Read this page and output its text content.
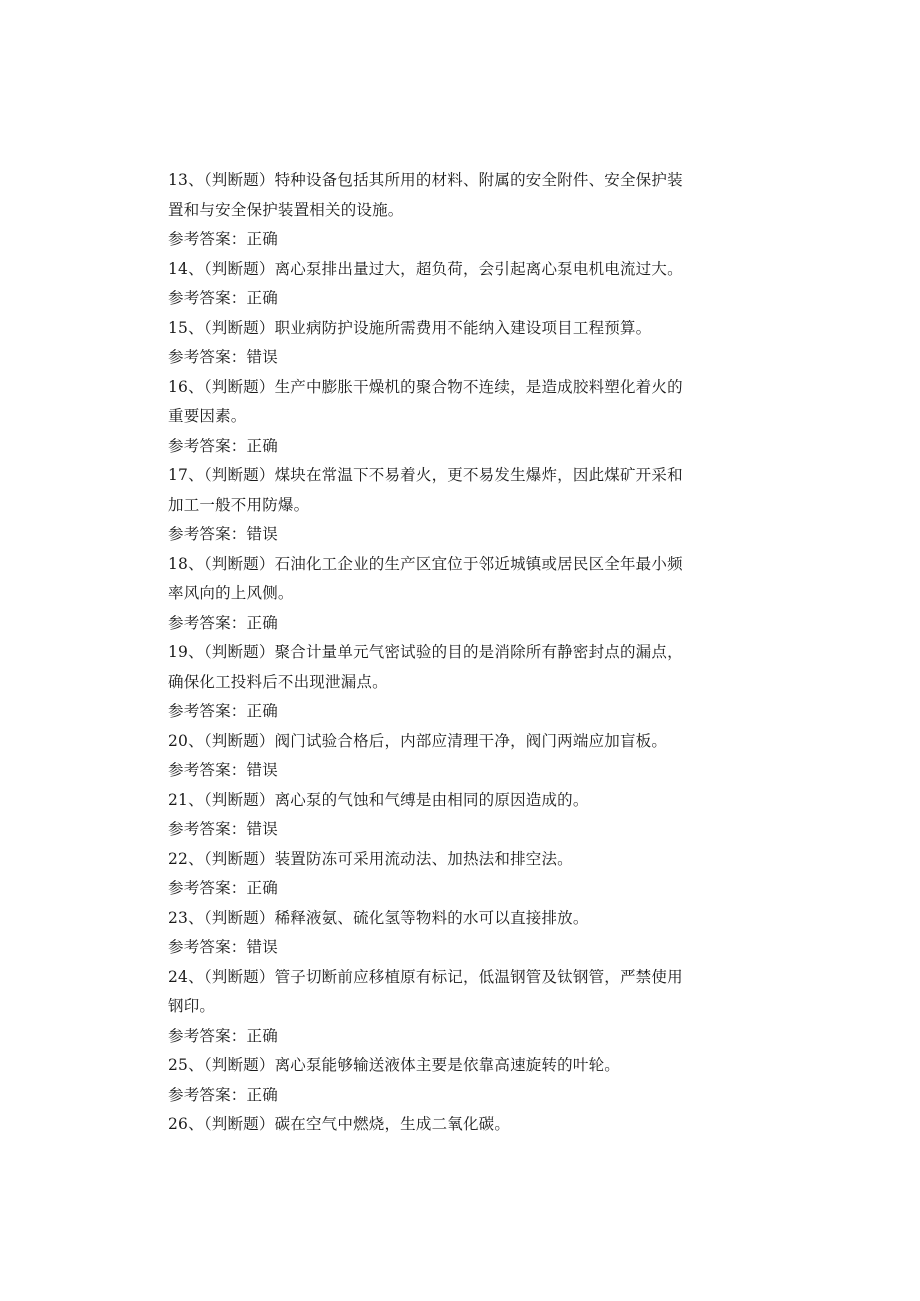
13、（判断题）特种设备包括其所用的材料、附属的安全附件、安全保护装
置和与安全保护装置相关的设施。
参考答案：正确
14、（判断题）离心泵排出量过大，超负荷，会引起离心泵电机电流过大。
参考答案：正确
15、（判断题）职业病防护设施所需费用不能纳入建设项目工程预算。
参考答案：错误
16、（判断题）生产中膨胀干燥机的聚合物不连续，是造成胶料塑化着火的
重要因素。
参考答案：正确
17、（判断题）煤块在常温下不易着火，更不易发生爆炸，因此煤矿开采和
加工一般不用防爆。
参考答案：错误
18、（判断题）石油化工企业的生产区宜位于邻近城镇或居民区全年最小频
率风向的上风侧。
参考答案：正确
19、（判断题）聚合计量单元气密试验的目的是消除所有静密封点的漏点，
确保化工投料后不出现泄漏点。
参考答案：正确
20、（判断题）阀门试验合格后，内部应清理干净，阀门两端应加盲板。
参考答案：错误
21、（判断题）离心泵的气蚀和气缚是由相同的原因造成的。
参考答案：错误
22、（判断题）装置防冻可采用流动法、加热法和排空法。
参考答案：正确
23、（判断题）稀释液氨、硫化氢等物料的水可以直接排放。
参考答案：错误
24、（判断题）管子切断前应移植原有标记，低温钢管及钛钢管，严禁使用
钢印。
参考答案：正确
25、（判断题）离心泵能够输送液体主要是依靠高速旋转的叶轮。
参考答案：正确
26、（判断题）碳在空气中燃烧，生成二氧化碳。
